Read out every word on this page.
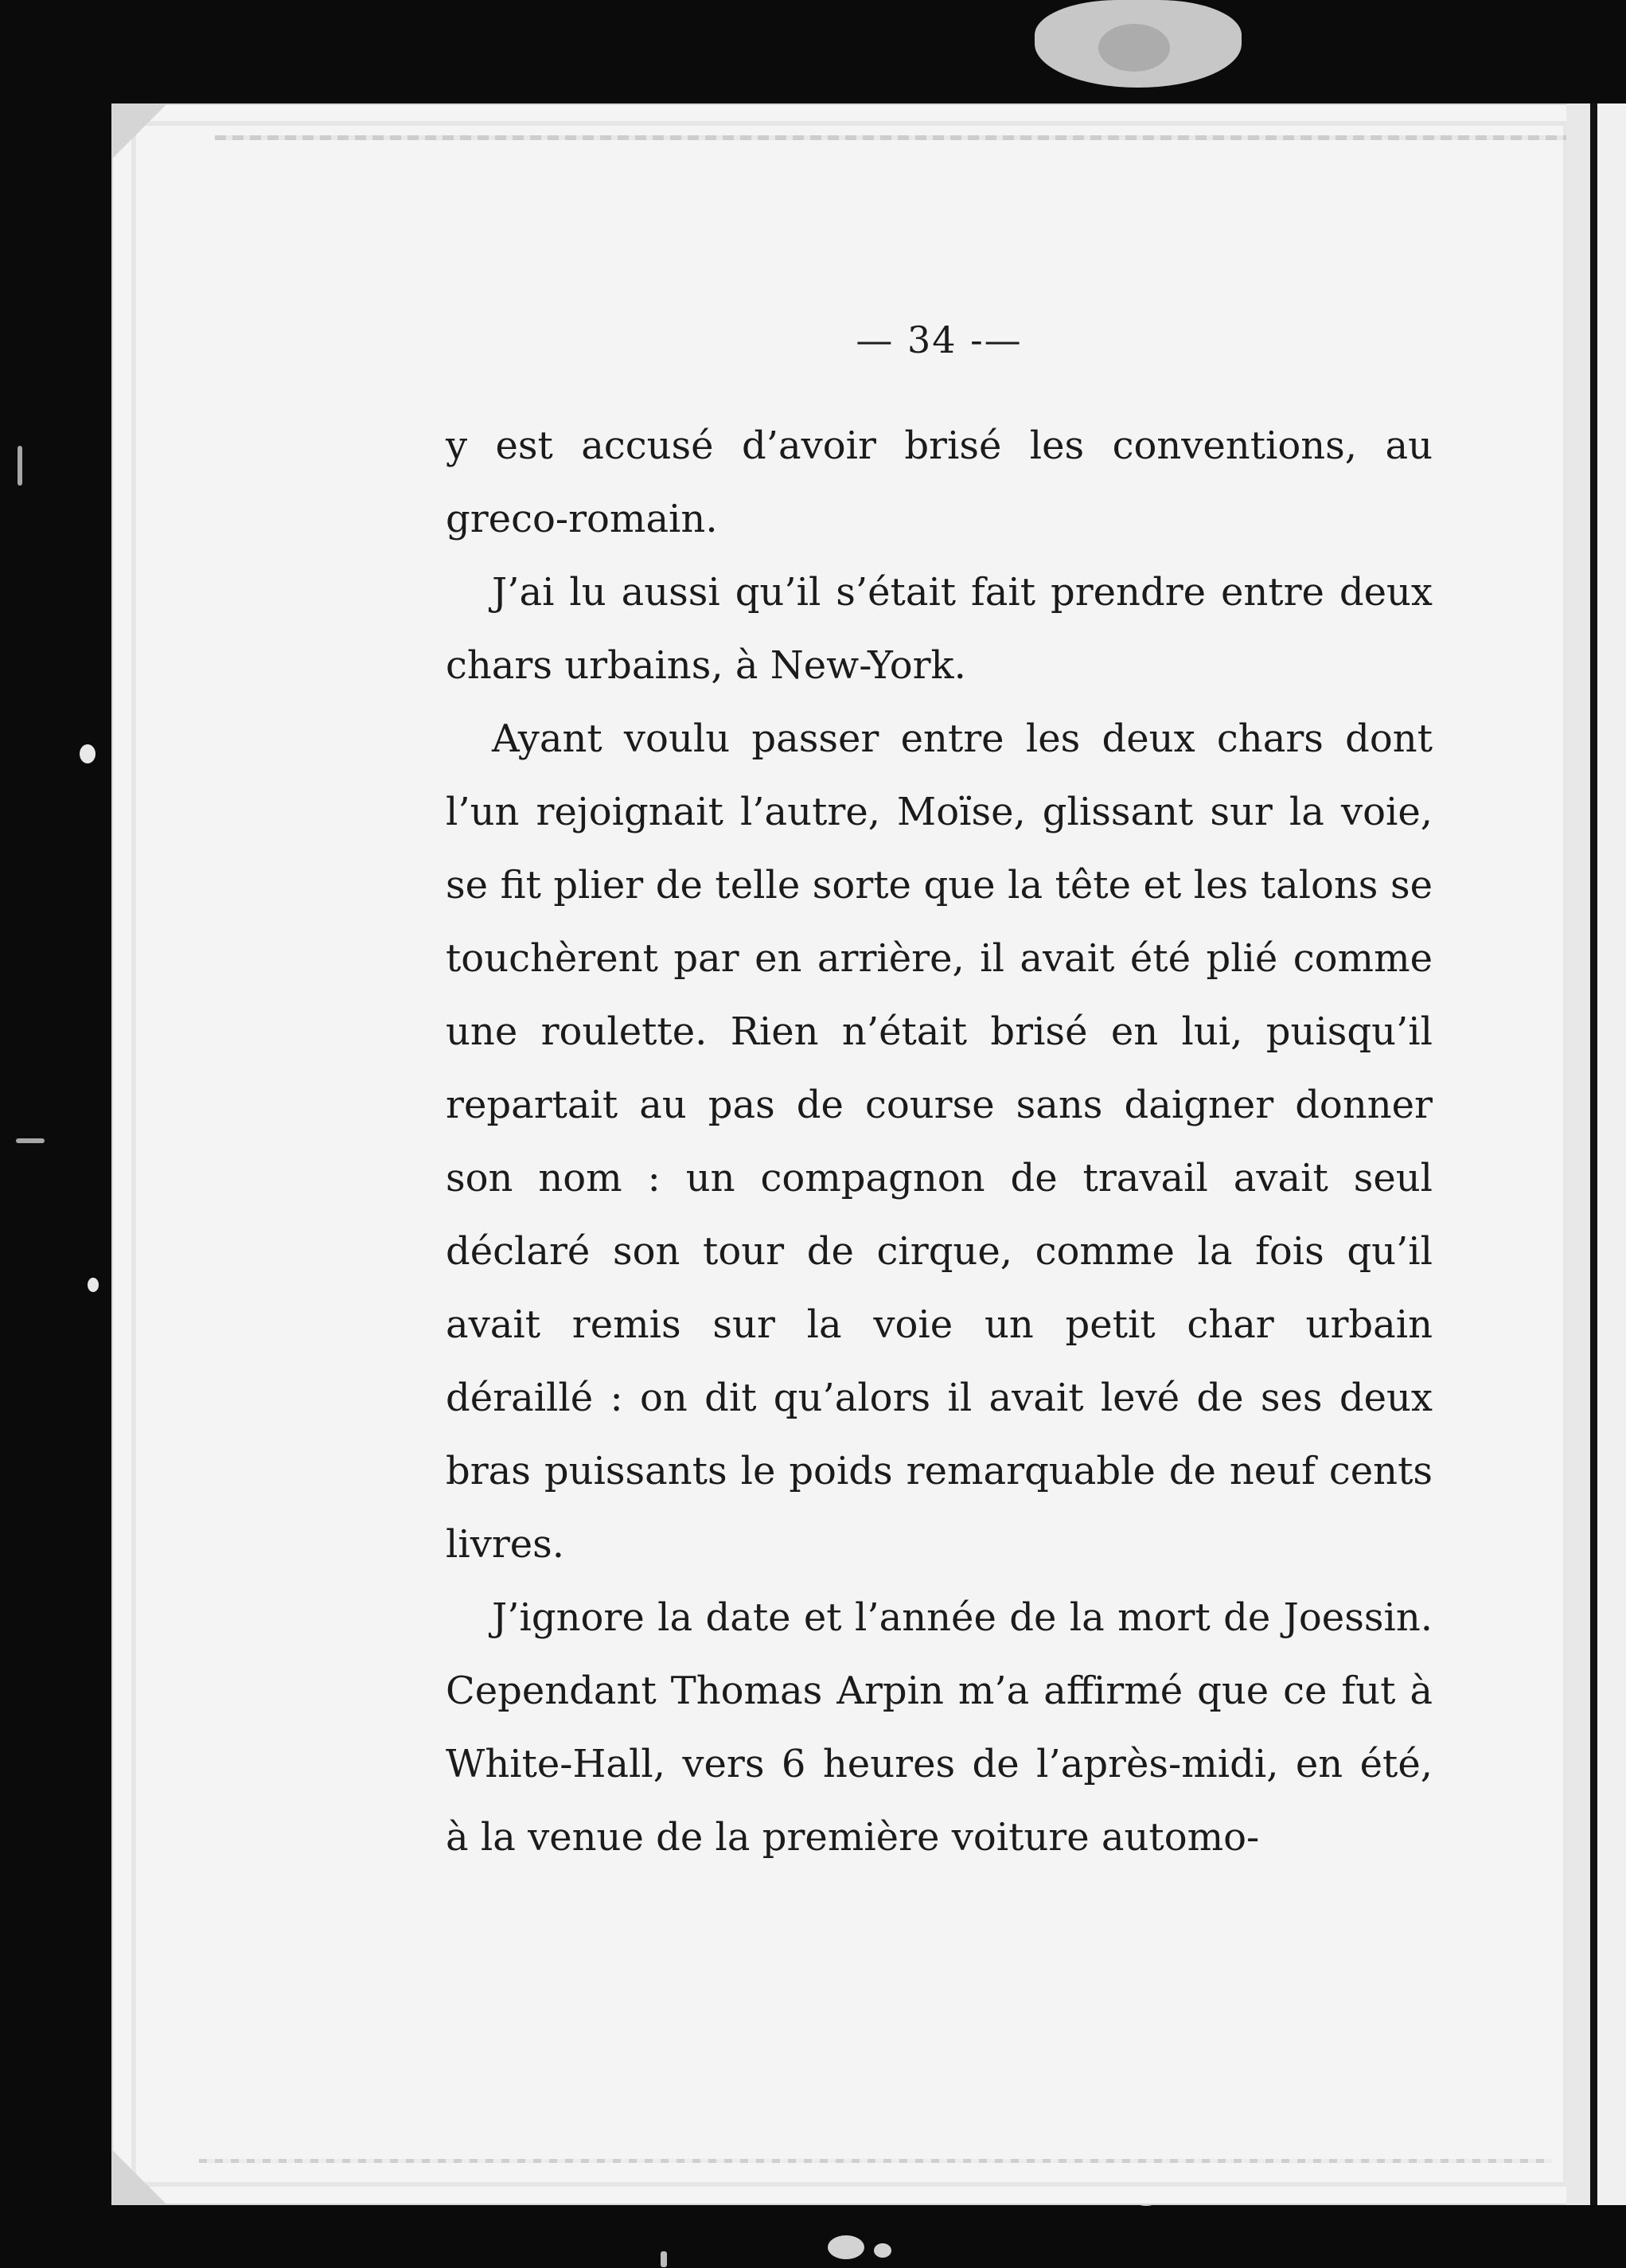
— 34 -—

y est accusé d’avoir brisé les conventions, au greco-romain.

J’ai lu aussi qu’il s’était fait prendre entre deux chars urbains, à New-York.

Ayant voulu passer entre les deux chars dont l’un rejoignait l’autre, Moïse, glissant sur la voie, se fit plier de telle sorte que la tête et les talons se touchèrent par en arrière, il avait été plié comme une roulette. Rien n’était brisé en lui, puisqu’il repartait au pas de course sans daigner donner son nom : un compagnon de travail avait seul déclaré son tour de cirque, comme la fois qu’il avait remis sur la voie un petit char urbain déraillé : on dit qu’alors il avait levé de ses deux bras puissants le poids remarquable de neuf cents livres.

J’ignore la date et l’année de la mort de Joessin. Cependant Thomas Arpin m’a affirmé que ce fut à White-Hall, vers 6 heures de l’après-midi, en été, à la venue de la première voiture automo-
